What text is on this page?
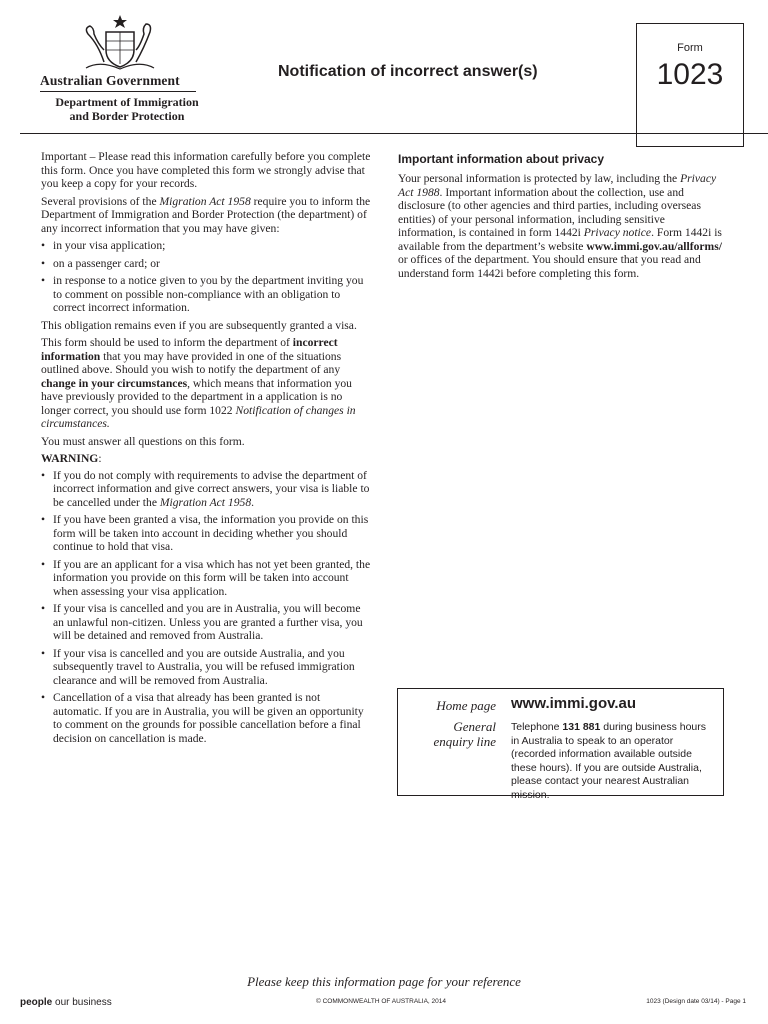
Australian Government
Department of Immigration
and Border Protection
Notification of incorrect answer(s)
Form
1023

Important – Please read this information carefully before you complete this form. Once you have completed this form we strongly advise that you keep a copy for your records.

Several provisions of the Migration Act 1958 require you to inform the Department of Immigration and Border Protection (the department) of any incorrect information that you may have given:

• in your visa application;
• on a passenger card; or
• in response to a notice given to you by the department inviting you to comment on possible non-compliance with an obligation to correct incorrect information.

This obligation remains even if you are subsequently granted a visa.

This form should be used to inform the department of incorrect information that you may have provided in one of the situations outlined above. Should you wish to notify the department of any change in your circumstances, which means that information you have previously provided to the department in a application is no longer correct, you should use form 1022 Notification of changes in circumstances.

You must answer all questions on this form.

WARNING:

• If you do not comply with requirements to advise the department of incorrect information and give correct answers, your visa is liable to be cancelled under the Migration Act 1958.
• If you have been granted a visa, the information you provide on this form will be taken into account in deciding whether you should continue to hold that visa.
• If you are an applicant for a visa which has not yet been granted, the information you provide on this form will be taken into account when assessing your visa application.
• If your visa is cancelled and you are in Australia, you will become an unlawful non-citizen. Unless you are granted a further visa, you will be detained and removed from Australia.
• If your visa is cancelled and you are outside Australia, and you subsequently travel to Australia, you will be refused immigration clearance and will be removed from Australia.
• Cancellation of a visa that already has been granted is not automatic. If you are in Australia, you will be given an opportunity to comment on the grounds for possible cancellation before a final decision on cancellation is made.
Important information about privacy

Your personal information is protected by law, including the Privacy Act 1988. Important information about the collection, use and disclosure (to other agencies and third parties, including overseas entities) of your personal information, including sensitive information, is contained in form 1442i Privacy notice. Form 1442i is available from the department’s website www.immi.gov.au/allforms/ or offices of the department. You should ensure that you read and understand form 1442i before completing this form.

Home page www.immi.gov.au
General
enquiry line
Telephone 131 881 during business hours in Australia to speak to an operator (recorded information available outside these hours). If you are outside Australia, please contact your nearest Australian mission.
Please keep this information page for your reference
people our business	© COMMONWEALTH OF AUSTRALIA, 2014	1023 (Design date 03/14) - Page 1
